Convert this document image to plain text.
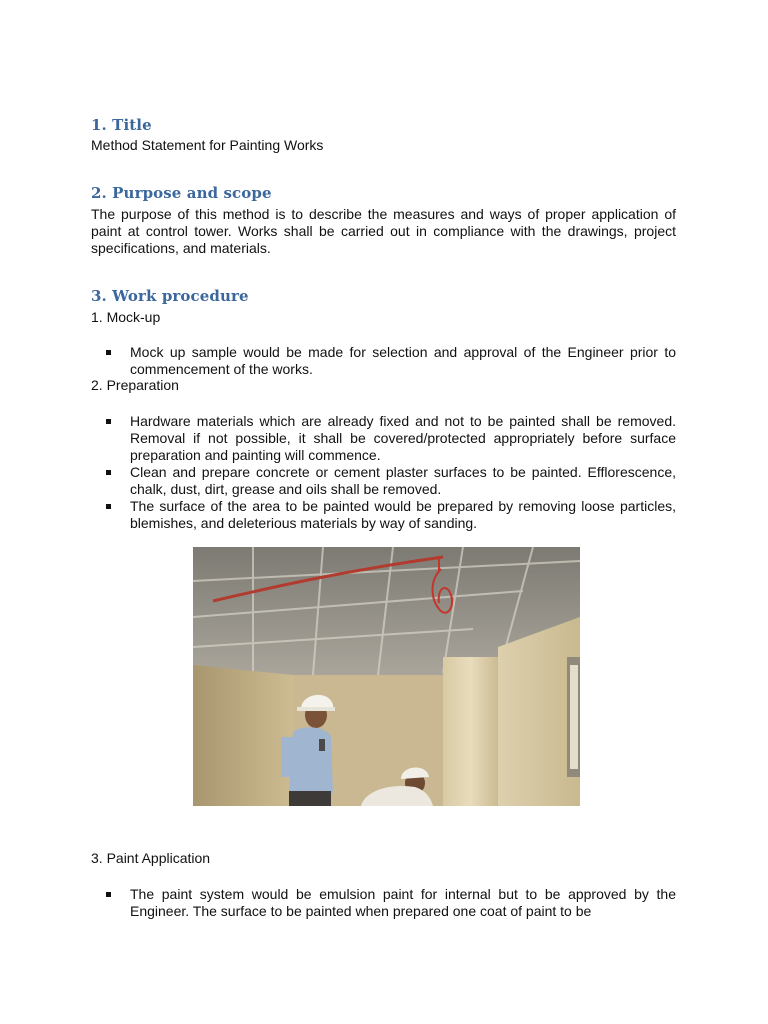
1. Title

Method Statement for Painting Works

2. Purpose and scope

The purpose of this method is to describe the measures and ways of proper application of paint at control tower. Works shall be carried out in compliance with the drawings, project specifications, and materials.

3. Work procedure

1. Mock-up

Mock up sample would be made for selection and approval of the Engineer prior to commencement of the works.

2. Preparation

Hardware materials which are already fixed and not to be painted shall be removed. Removal if not possible, it shall be covered/protected appropriately before surface preparation and painting will commence.
Clean and prepare concrete or cement plaster surfaces to be painted. Efflorescence, chalk, dust, dirt, grease and oils shall be removed.
The surface of the area to be painted would be prepared by removing loose particles, blemishes, and deleterious materials by way of sanding.

3. Paint Application

The paint system would be emulsion paint for internal but to be approved by the Engineer. The surface to be painted when prepared one coat of paint to be
